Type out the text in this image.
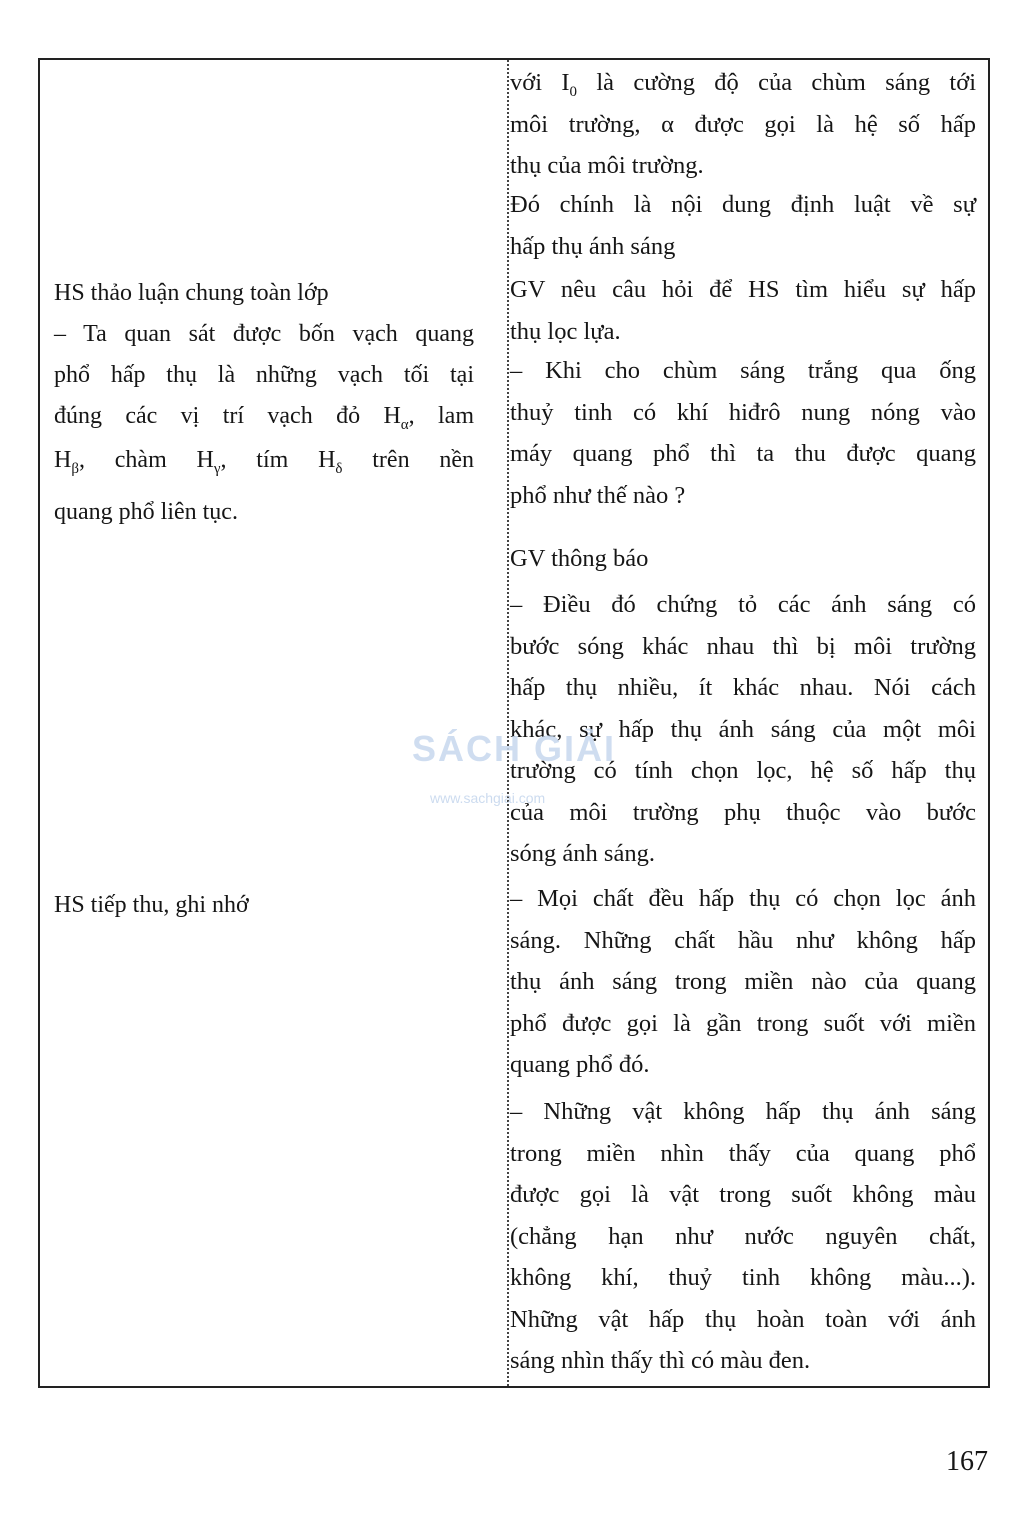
HS thảo luận chung toàn lớp

– Ta quan sát được bốn vạch quang
phổ hấp thụ là những vạch tối tại
đúng các vị trí vạch đỏ $H_\alpha$, lam
$H_\beta$, chàm $H_\gamma$, tím $H_\delta$ trên nền

quang phổ liên tục.

HS tiếp thu, ghi nhớ

với $I_0$ là cường độ của chùm sáng tới
môi trường, α được gọi là hệ số hấp
thụ của môi trường.
Đó chính là nội dung định luật về sự
hấp thụ ánh sáng
GV nêu câu hỏi để HS tìm hiểu sự hấp
thụ lọc lựa.
– Khi cho chùm sáng trắng qua ống
thuỷ tinh có khí hiđrô nung nóng vào
máy quang phổ thì ta thu được quang
phổ như thế nào ?
GV thông báo
– Điều đó chứng tỏ các ánh sáng có
bước sóng khác nhau thì bị môi trường
hấp thụ nhiều, ít khác nhau. Nói cách
khác, sự hấp thụ ánh sáng của một môi
trường có tính chọn lọc, hệ số hấp thụ
của môi trường phụ thuộc vào bước
sóng ánh sáng.
– Mọi chất đều hấp thụ có chọn lọc ánh
sáng. Những chất hầu như không hấp
thụ ánh sáng trong miền nào của quang
phổ được gọi là gần trong suốt với miền
quang phổ đó.
– Những vật không hấp thụ ánh sáng
trong miền nhìn thấy của quang phổ
được gọi là vật trong suốt không màu
(chẳng hạn như nước nguyên chất,
không khí, thuỷ tinh không màu...).
Những vật hấp thụ hoàn toàn với ánh
sáng nhìn thấy thì có màu đen.
SÁCH GIẢI
www.sachgiai.com
167
